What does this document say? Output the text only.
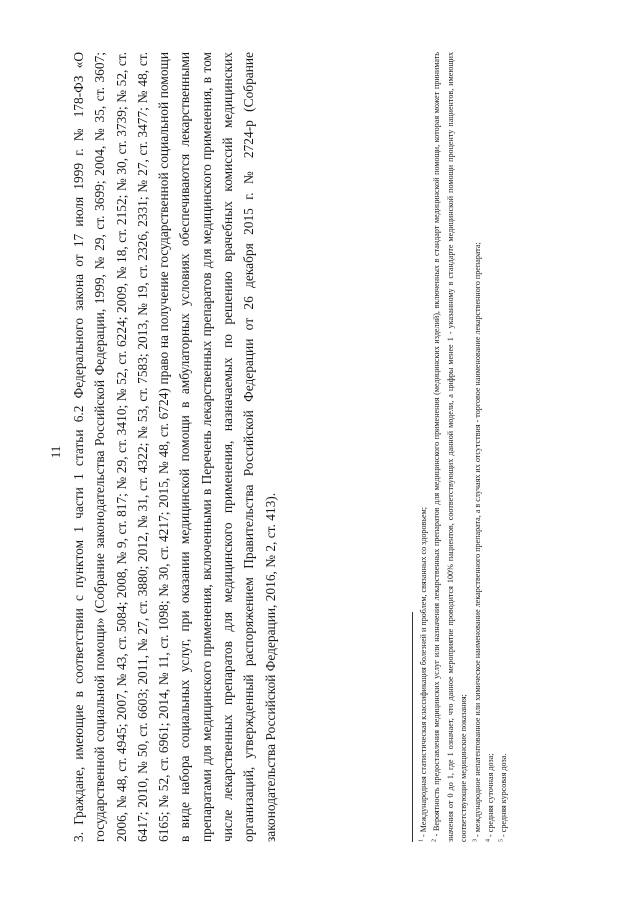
11 3. Граждане, имеющие в соответствии с пунктом 1 части 1 статьи 6.2 Федерального закона от 17 июля 1999 г. № 178-ФЗ «О государственной социальной помощи» (Собрание законодательства Российской Федерации, 1999, № 29, ст. 3699; 2004, № 35, ст. 3607; 2006, № 48, ст. 4945; 2007, № 43, ст. 5084; 2008, № 9, ст. 817; № 29, ст. 3410; № 52, ст. 6224; 2009, № 18, ст. 2152; № 30, ст. 3739; № 52, ст. 6417; 2010, № 50, ст. 6603; 2011, № 27, ст. 3880; 2012, № 31, ст. 4322; № 53, ст. 7583; 2013, № 19, ст. 2326, 2331; № 27, ст. 3477; № 48, ст. 6165; № 52, ст. 6961; 2014, № 11, ст. 1098; № 30, ст. 4217; 2015, № 48, ст. 6724) право на получение государственной социальной помощи в виде набора социальных услуг, при оказании медицинской помощи в амбулаторных условиях обеспечиваются лекарственными препаратами для медицинского применения, включенными в Перечень лекарственных препаратов для медицинского применения, в том числе лекарственных препаратов для медицинского применения, назначаемых по решению врачебных комиссий медицинских организаций, утвержденный распоряжением Правительства Российской Федерации от 26 декабря 2015 г. № 2724-р (Собрание законодательства Российской Федерации, 2016, № 2, ст. 413).	$^1$ - Международная статистическая классификация болезней и проблем, связанных со здоровьем;
$^2$ - Вероятность предоставления медицинских услуг или назначения лекарственных препаратов для медицинского применения (медицинских изделий), включенных в стандарт медицинской помощи, которая может принимать значения от 0 до 1, где 1 означает, что данное мероприятие проводится 100% пациентов, соответствующих данной модели, а цифры менее 1 - указанному в стандарте медицинской помощи проценту пациентов, имеющих соответствующие медицинские показания; $^3$ - международное непатентованное или химическое наименование лекарственного препарата, а в случаях их отсутствия - торговое наименование лекарственного препарата;
$^4$ - средняя суточная доза;
$^5$ - средняя курсовая доза.
